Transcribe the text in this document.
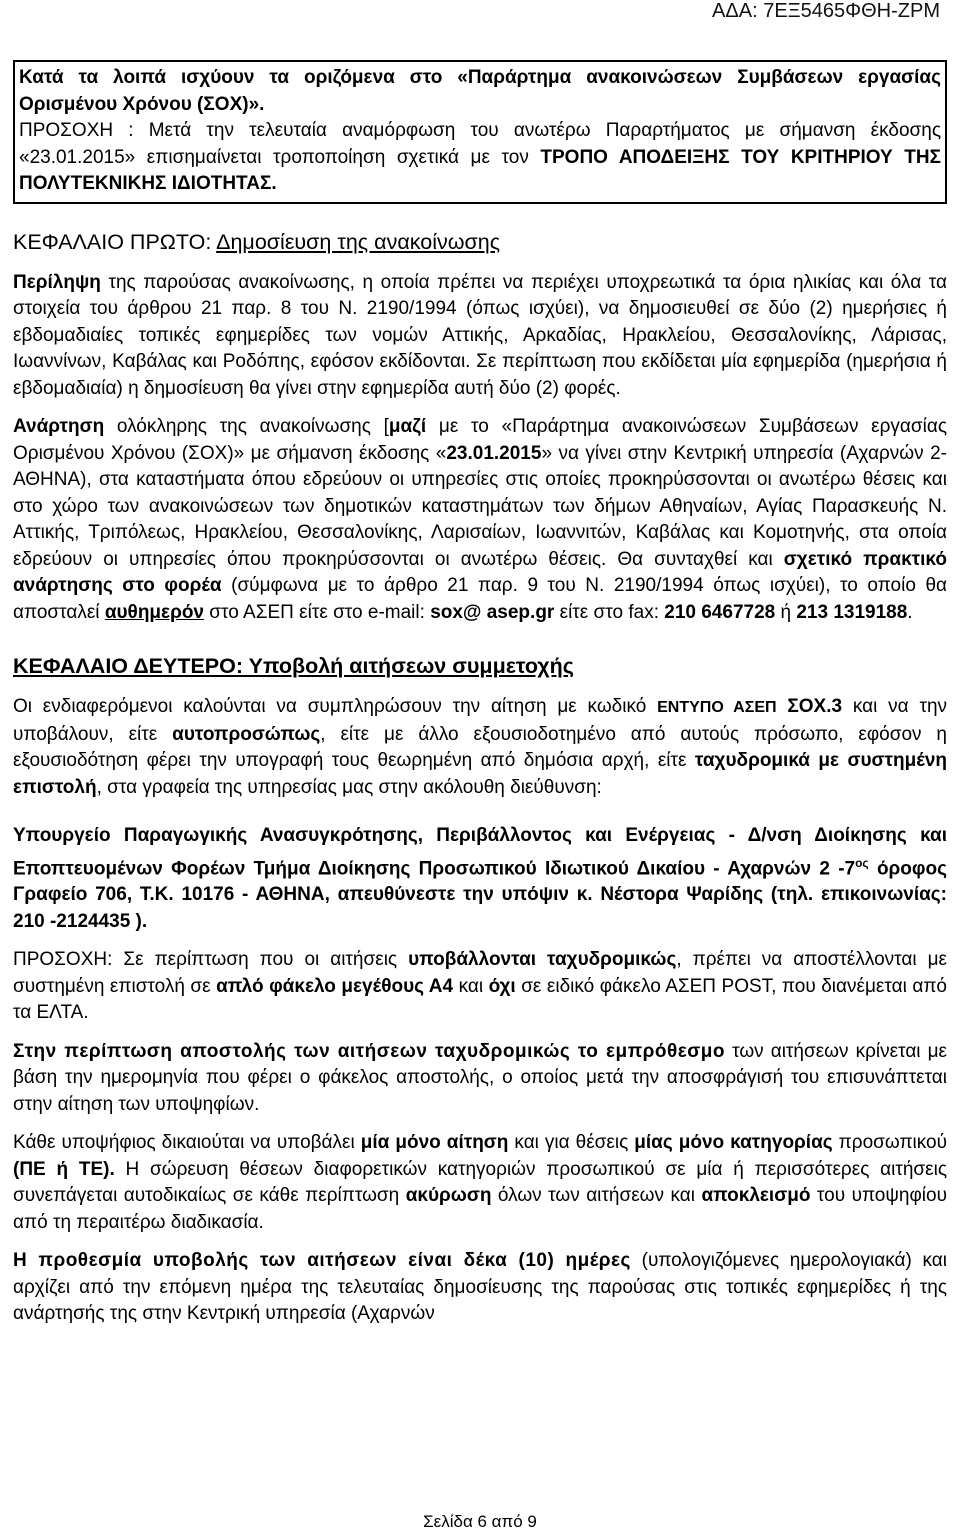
ΑΔΑ: 7ΕΞ5465ΦΘΗ-ΖΡΜ

Κατά τα λοιπά ισχύουν τα οριζόμενα στο «Παράρτημα ανακοινώσεων Συμβάσεων εργασίας Ορισμένου Χρόνου (ΣΟΧ)».

ΠΡΟΣΟΧΗ : Μετά την τελευταία αναμόρφωση του ανωτέρω Παραρτήματος με σήμανση έκδοσης «23.01.2015» επισημαίνεται τροποποίηση σχετικά με τον ΤΡΟΠΟ ΑΠΟΔΕΙΞΗΣ ΤΟΥ ΚΡΙΤΗΡΙΟΥ ΤΗΣ ΠΟΛΥΤΕΚΝΙΚΗΣ ΙΔΙΟΤΗΤΑΣ.

ΚΕΦΑΛΑΙΟ ΠΡΩΤΟ: Δημοσίευση της ανακοίνωσης

Περίληψη της παρούσας ανακοίνωσης, η οποία πρέπει να περιέχει υποχρεωτικά τα όρια ηλικίας και όλα τα στοιχεία του άρθρου 21 παρ. 8 του Ν. 2190/1994 (όπως ισχύει), να δημοσιευθεί σε δύο (2) ημερήσιες ή εβδομαδιαίες τοπικές εφημερίδες των νομών Αττικής, Αρκαδίας, Ηρακλείου, Θεσσαλονίκης, Λάρισας, Ιωαννίνων, Καβάλας και Ροδόπης, εφόσον εκδίδονται. Σε περίπτωση που εκδίδεται μία εφημερίδα (ημερήσια ή εβδομαδιαία) η δημοσίευση θα γίνει στην εφημερίδα αυτή δύο (2) φορές.

Ανάρτηση ολόκληρης της ανακοίνωσης [μαζί με το «Παράρτημα ανακοινώσεων Συμβάσεων εργασίας Ορισμένου Χρόνου (ΣΟΧ)» με σήμανση έκδοσης «23.01.2015» να γίνει στην Κεντρική υπηρεσία (Αχαρνών 2-ΑΘΗΝΑ), στα καταστήματα όπου εδρεύουν οι υπηρεσίες στις οποίες προκηρύσσονται οι ανωτέρω θέσεις και στο χώρο των ανακοινώσεων των δημοτικών καταστημάτων των δήμων Αθηναίων, Αγίας Παρασκευής Ν. Αττικής, Τριπόλεως, Ηρακλείου, Θεσσαλονίκης, Λαρισαίων, Ιωαννιτών, Καβάλας και Κομοτηνής, στα οποία εδρεύουν οι υπηρεσίες όπου προκηρύσσονται οι ανωτέρω θέσεις. Θα συνταχθεί και σχετικό πρακτικό ανάρτησης στο φορέα (σύμφωνα με το άρθρο 21 παρ. 9 του Ν. 2190/1994 όπως ισχύει), το οποίο θα αποσταλεί αυθημερόν στο ΑΣΕΠ είτε στο e-mail: sox@ asep.gr είτε στο fax: 210 6467728 ή 213 1319188.

ΚΕΦΑΛΑΙΟ ΔΕΥΤΕΡΟ: Υποβολή αιτήσεων συμμετοχής

Οι ενδιαφερόμενοι καλούνται να συμπληρώσουν την αίτηση με κωδικό ΕΝΤΥΠΟ ΑΣΕΠ ΣΟΧ.3 και να την υποβάλουν, είτε αυτοπροσώπως, είτε με άλλο εξουσιοδοτημένο από αυτούς πρόσωπο, εφόσον η εξουσιοδότηση φέρει την υπογραφή τους θεωρημένη από δημόσια αρχή, είτε ταχυδρομικά με συστημένη επιστολή, στα γραφεία της υπηρεσίας μας στην ακόλουθη διεύθυνση:

Υπουργείο Παραγωγικής Ανασυγκρότησης, Περιβάλλοντος και Ενέργειας - Δ/νση Διοίκησης και Εποπτευομένων Φορέων Τμήμα Διοίκησης Προσωπικού Ιδιωτικού Δικαίου - Αχαρνών 2 $-7^{o\varsigma}$ όροφος Γραφείο 706, Τ.Κ. 10176 - ΑΘΗΝΑ, απευθύνεστε την υπόψιν κ. Νέστορα Ψαρίδης (τηλ. επικοινωνίας: 210 -2124435 ).

ΠΡΟΣΟΧΗ: Σε περίπτωση που οι αιτήσεις υποβάλλονται ταχυδρομικώς, πρέπει να αποστέλλονται με συστημένη επιστολή σε απλό φάκελο μεγέθους Α4 και όχι σε ειδικό φάκελο ΑΣΕΠ POST, που διανέμεται από τα ΕΛΤΑ.

Στην περίπτωση αποστολής των αιτήσεων ταχυδρομικώς το εμπρόθεσμο των αιτήσεων κρίνεται με βάση την ημερομηνία που φέρει ο φάκελος αποστολής, ο οποίος μετά την αποσφράγισή του επισυνάπτεται στην αίτηση των υποψηφίων.

Κάθε υποψήφιος δικαιούται να υποβάλει μία μόνο αίτηση και για θέσεις μίας μόνο κατηγορίας προσωπικού (ΠΕ ή ΤΕ). Η σώρευση θέσεων διαφορετικών κατηγοριών προσωπικού σε μία ή περισσότερες αιτήσεις συνεπάγεται αυτοδικαίως σε κάθε περίπτωση ακύρωση όλων των αιτήσεων και αποκλεισμό του υποψηφίου από τη περαιτέρω διαδικασία.

Η προθεσμία υποβολής των αιτήσεων είναι δέκα (10) ημέρες (υπολογιζόμενες ημερολογιακά) και αρχίζει από την επόμενη ημέρα της τελευταίας δημοσίευσης της παρούσας στις τοπικές εφημερίδες ή της ανάρτησής της στην Κεντρική υπηρεσία (Αχαρνών

Σελίδα 6 από 9
